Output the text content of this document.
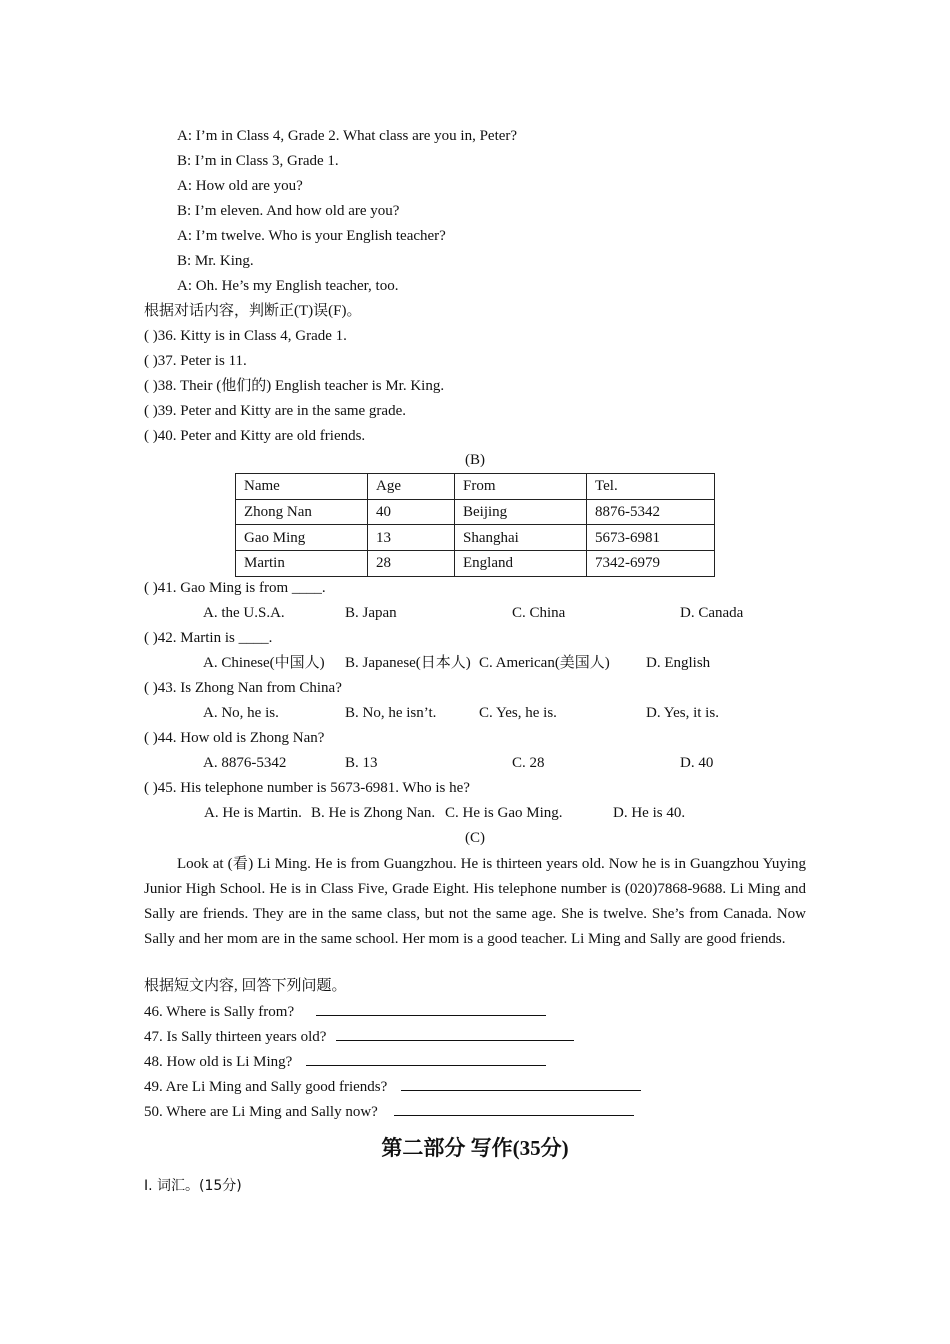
A: I’m in Class 4, Grade 2. What class are you in, Peter?
B: I’m in Class 3, Grade 1.
A: How old are you?
B: I’m eleven. And how old are you?
A: I’m twelve. Who is your English teacher?
B: Mr. King.
A: Oh. He’s my English teacher, too.
根据对话内容，判断正(T)误(F)。
( )36. Kitty is in Class 4, Grade 1.
( )37. Peter is 11.
( )38. Their (他们的) English teacher is Mr. King.
( )39. Peter and Kitty are in the same grade.
( )40. Peter and Kitty are old friends.
(B)
Name	Age	From	Tel.
Zhong Nan	40	Beijing	8876-5342
Gao Ming	13	Shanghai	5673-6981
Martin	28	England	7342-6979
( )41. Gao Ming is from ____.
A. the U.S.A.	B. Japan	C. China	D. Canada
( )42. Martin is ____.
A. Chinese(中国人) B. Japanese(日本人) C. American(美国人) D. English
( )43. Is Zhong Nan from China?
A. No, he is.	B. No, he isn’t.	C. Yes, he is.	D. Yes, it is.
( )44. How old is Zhong Nan?
A. 8876-5342	B. 13	C. 28	D. 40
( )45. His telephone number is 5673-6981. Who is he?
A. He is Martin. B. He is Zhong Nan. C. He is Gao Ming.	D. He is 40.
(C)
Look at (看) Li Ming. He is from Guangzhou. He is thirteen years old. Now he is in Guangzhou Yuying Junior High School. He is in Class Five, Grade Eight. His telephone number is (020)7868-9688. Li Ming and Sally are friends. They are in the same class, but not the same age. She is twelve. She’s from Canada. Now Sally and her mom are in the same school. Her mom is a good teacher. Li Ming and Sally are good friends.
根据短文内容, 回答下列问题。
46. Where is Sally from?
47. Is Sally thirteen years old?
48. How old is Li Ming?
49. Are Li Ming and Sally good friends?
50. Where are Li Ming and Sally now?
第二部分 写作(35分)
Ⅰ. 词汇。(15分)
